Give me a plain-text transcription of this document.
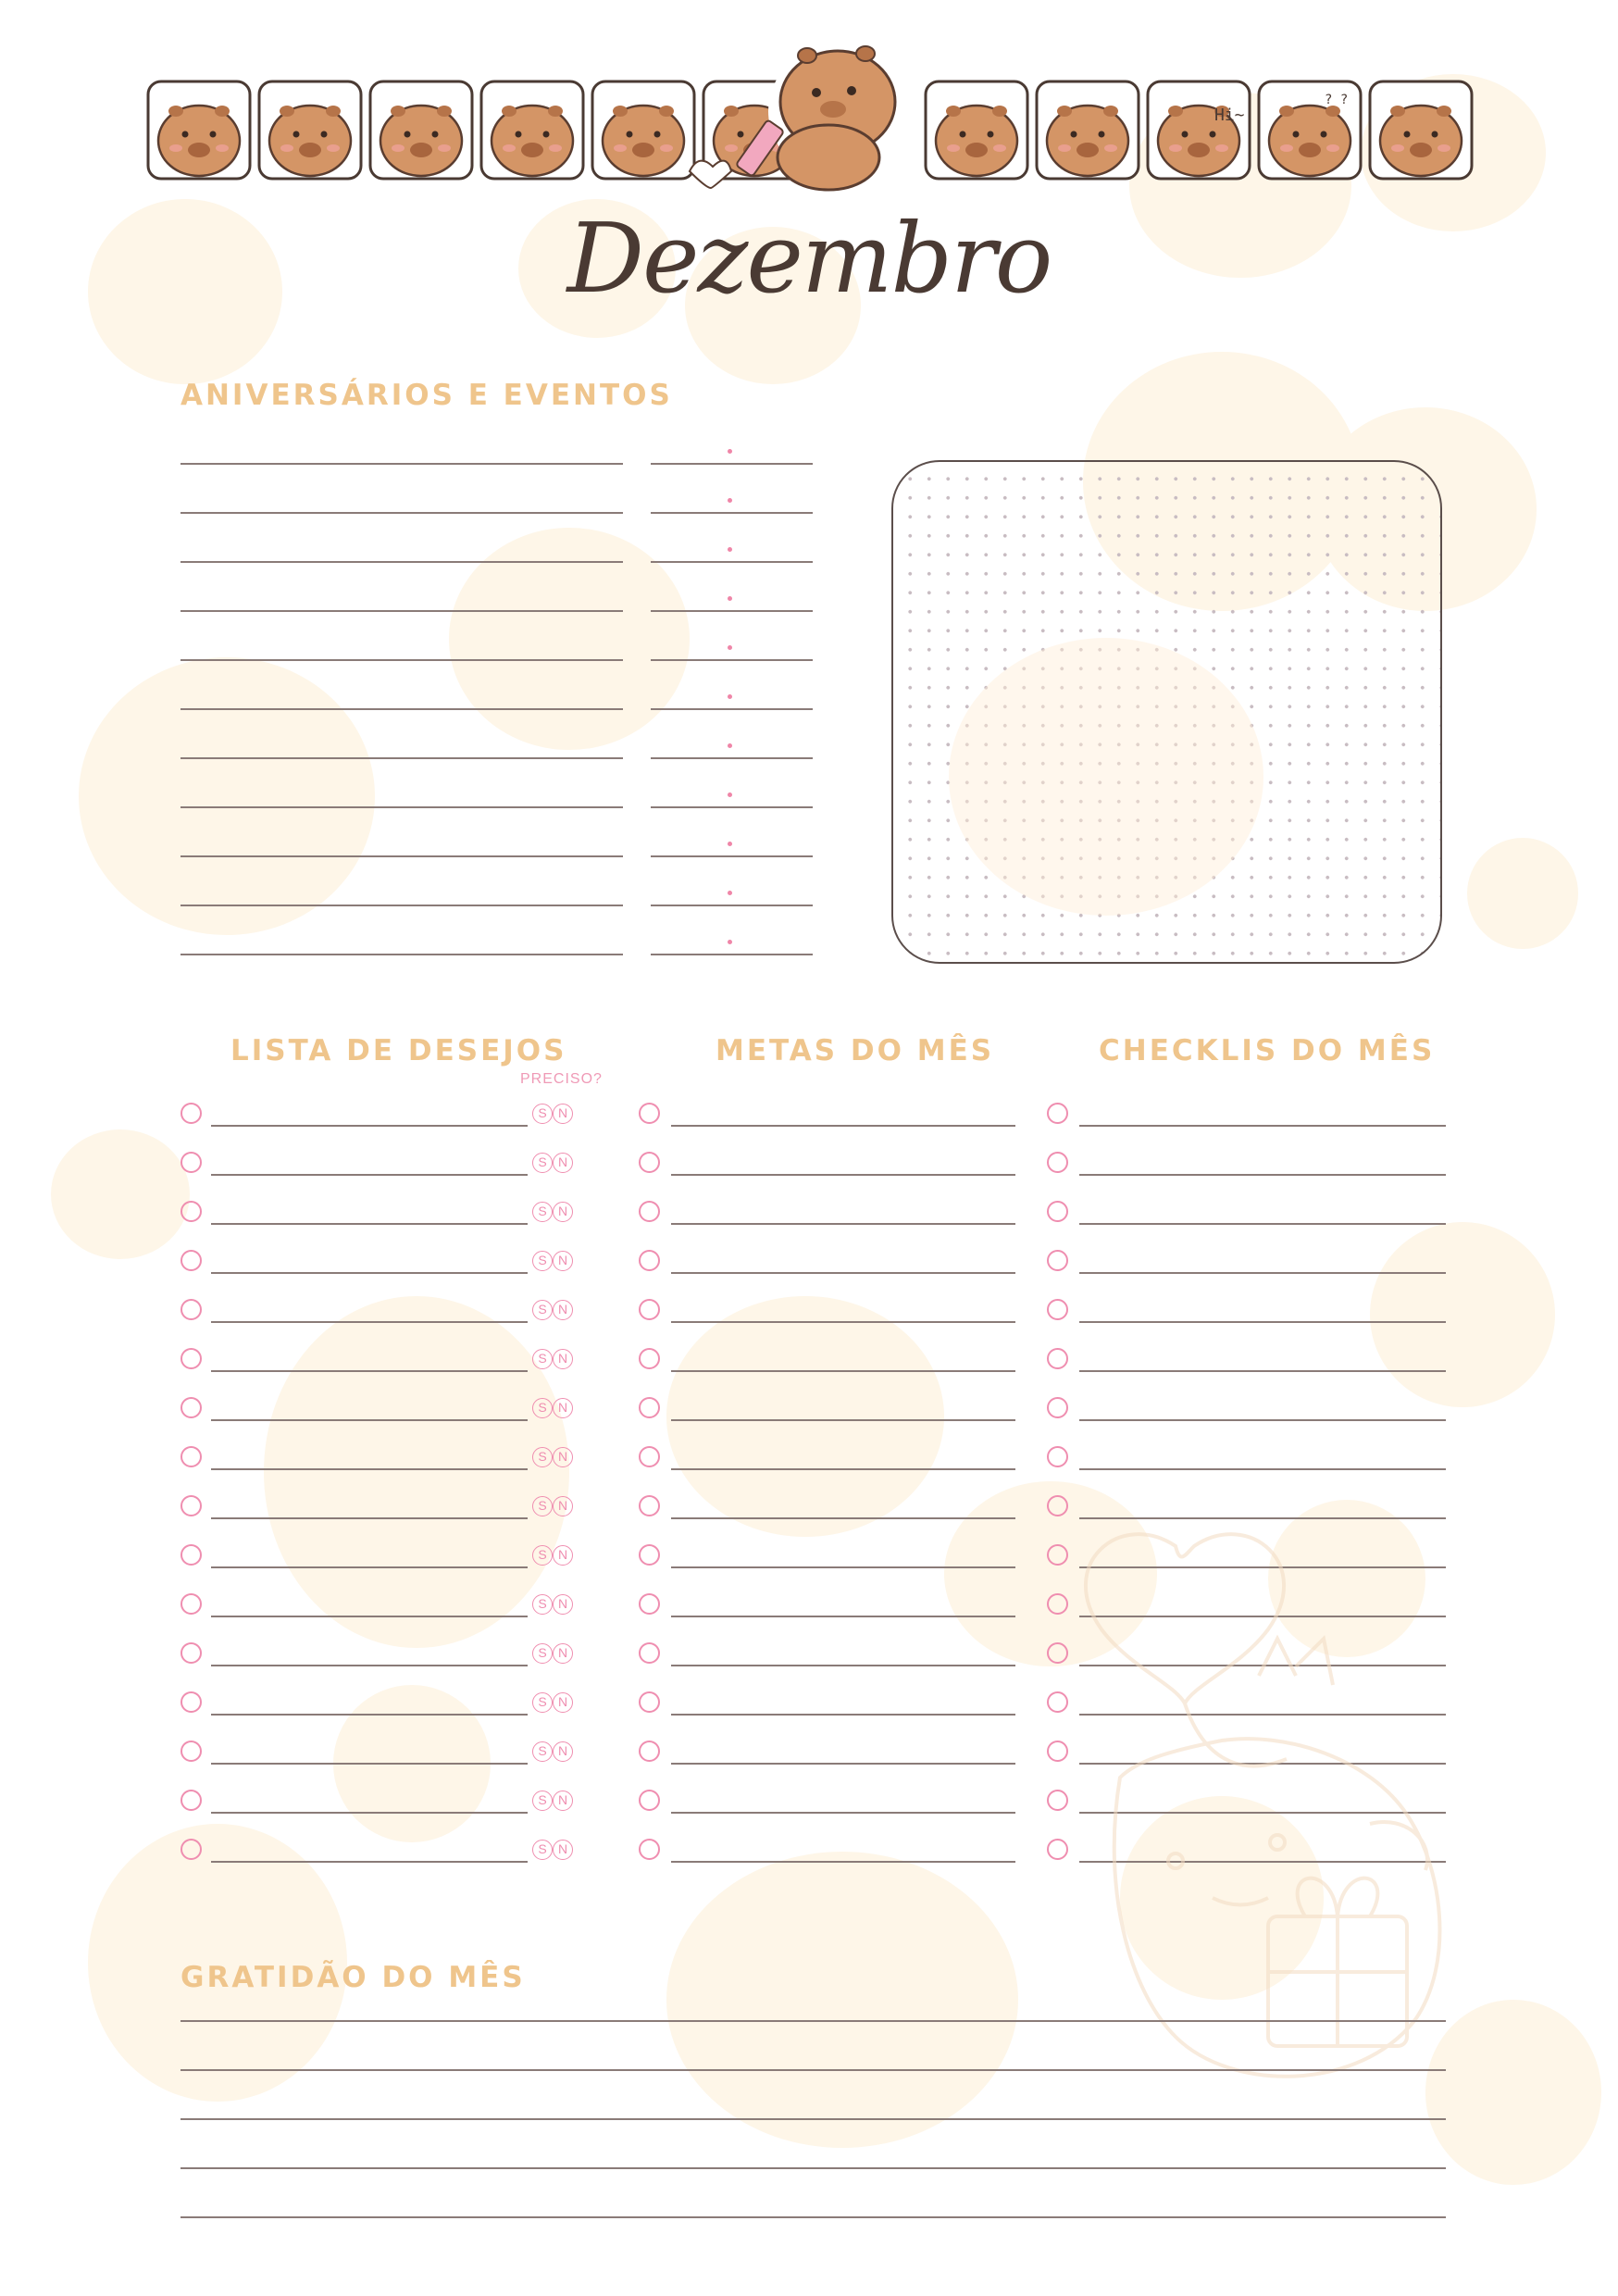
Hi~
? ?
Dezembro
ANIVERSÁRIOS E EVENTOS
LISTA DE DESEJOS	METAS DO MÊS	CHECKLIS DO MÊS
PRECISO?
S N
S N
S N
S N
S N
S N
S N
S N
S N
S N
S N
S N
S N
S N
S N
S N
GRATIDÃO DO MÊS
